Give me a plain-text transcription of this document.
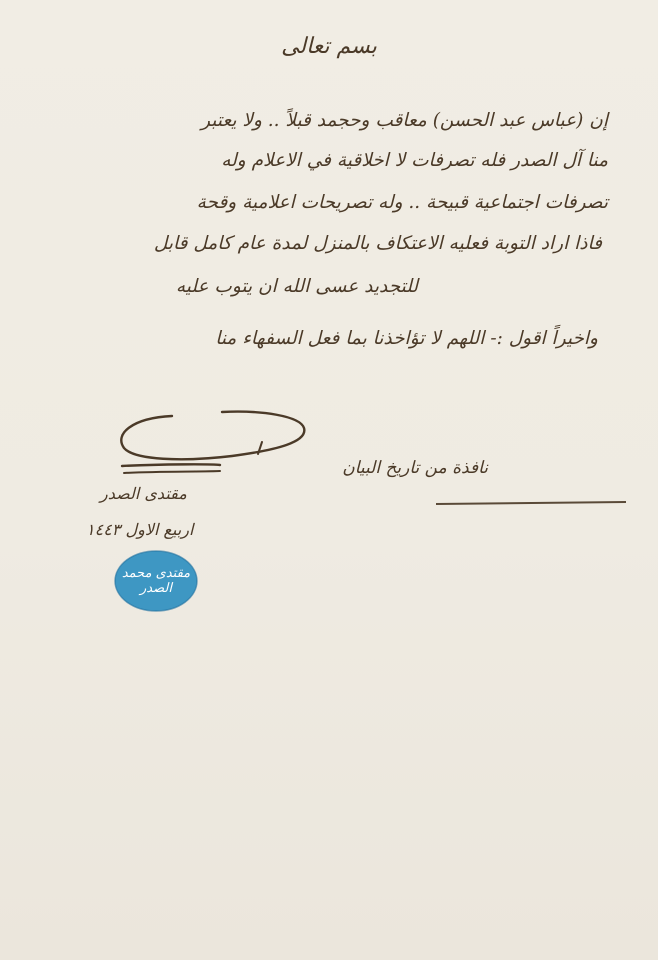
بسم تعالى
إن (عباس عبد الحسن) معاقب وحجمد قبلاً .. ولا يعتبر
منا آل الصدر فله تصرفات لا اخلاقية في الاعلام وله
تصرفات اجتماعية قبيحة .. وله تصريحات اعلامية وقحة
فاذا اراد التوبة فعليه الاعتكاف بالمنزل لمدة عام كامل قابل
للتجديد عسى الله ان يتوب عليه
واخيراً اقول :- اللهم لا تؤاخذنا بما فعل السفهاء منا
مقتدى الصدر
اربيع الاول ١٤٤٣
مقتدى محمد الصدر
نافذة من تاريخ البيان
